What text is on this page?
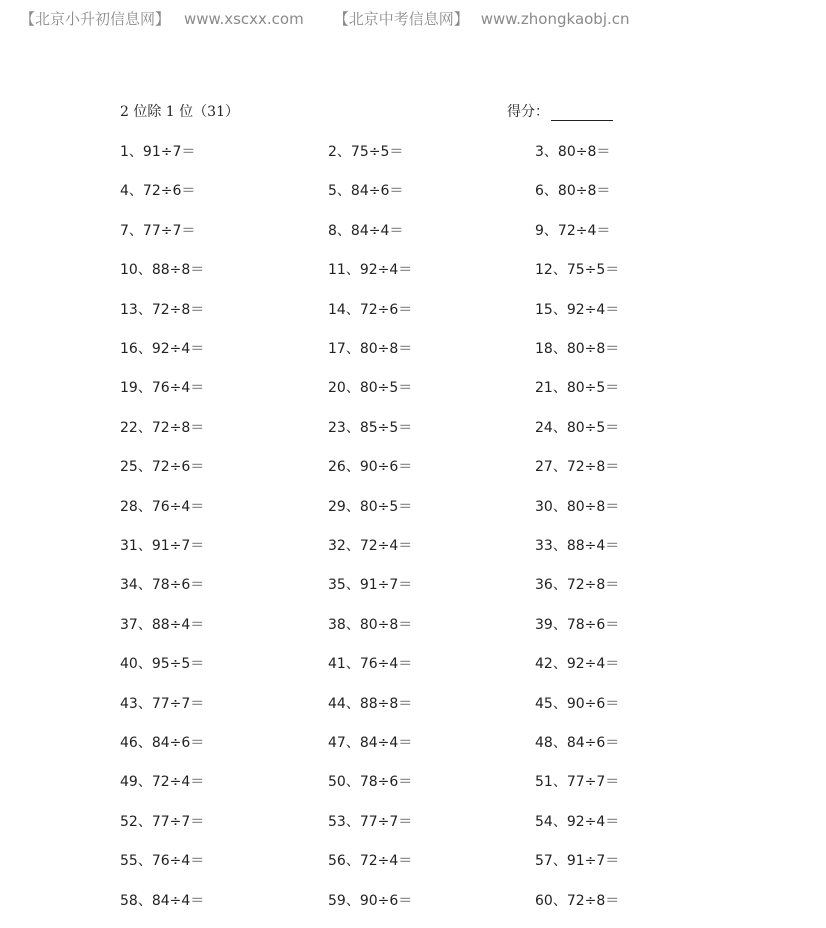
【北京小升初信息网】 www.xscxx.com 【北京中考信息网】 www.zhongkaobj.cn
2 位除 1 位（31）	得分：
1、91÷7＝	2、75÷5＝	3、80÷8＝
4、72÷6＝	5、84÷6＝	6、80÷8＝
7、77÷7＝	8、84÷4＝	9、72÷4＝
10、88÷8＝	11、92÷4＝	12、75÷5＝
13、72÷8＝	14、72÷6＝	15、92÷4＝
16、92÷4＝	17、80÷8＝	18、80÷8＝
19、76÷4＝	20、80÷5＝	21、80÷5＝
22、72÷8＝	23、85÷5＝	24、80÷5＝
25、72÷6＝	26、90÷6＝	27、72÷8＝
28、76÷4＝	29、80÷5＝	30、80÷8＝
31、91÷7＝	32、72÷4＝	33、88÷4＝
34、78÷6＝	35、91÷7＝	36、72÷8＝
37、88÷4＝	38、80÷8＝	39、78÷6＝
40、95÷5＝	41、76÷4＝	42、92÷4＝
43、77÷7＝	44、88÷8＝	45、90÷6＝
46、84÷6＝	47、84÷4＝	48、84÷6＝
49、72÷4＝	50、78÷6＝	51、77÷7＝
52、77÷7＝	53、77÷7＝	54、92÷4＝
55、76÷4＝	56、72÷4＝	57、91÷7＝
58、84÷4＝	59、90÷6＝	60、72÷8＝
